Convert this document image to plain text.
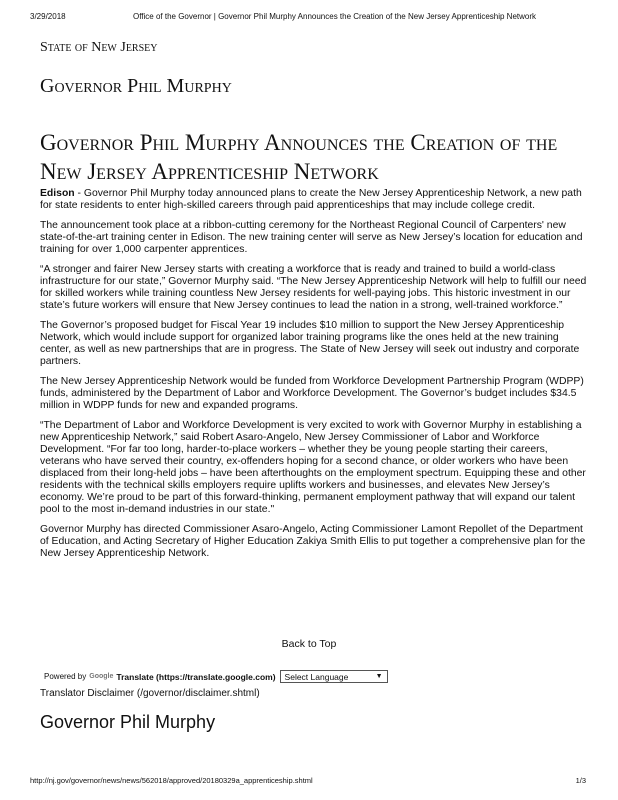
3/29/2018	Office of the Governor | Governor Phil Murphy Announces the Creation of the New Jersey Apprenticeship Network
State of New Jersey
Governor Phil Murphy
Governor Phil Murphy Announces the Creation of the New Jersey Apprenticeship Network

Edison - Governor Phil Murphy today announced plans to create the New Jersey Apprenticeship Network, a new path for state residents to enter high-skilled careers through paid apprenticeships that may include college credit.

The announcement took place at a ribbon-cutting ceremony for the Northeast Regional Council of Carpenters' new state-of-the-art training center in Edison. The new training center will serve as New Jersey’s location for education and training for over 1,000 carpenter apprentices.

“A stronger and fairer New Jersey starts with creating a workforce that is ready and trained to build a world-class infrastructure for our state,” Governor Murphy said. “The New Jersey Apprenticeship Network will help to fulfill our need for skilled workers while training countless New Jersey residents for well-paying jobs. This historic investment in our state’s future workers will ensure that New Jersey continues to lead the nation in a strong, well-trained workforce.”

The Governor’s proposed budget for Fiscal Year 19 includes $10 million to support the New Jersey Apprenticeship Network, which would include support for organized labor training programs like the ones held at the new training center, as well as new partnerships that are in progress. The State of New Jersey will seek out industry and corporate partners.

The New Jersey Apprenticeship Network would be funded from Workforce Development Partnership Program (WDPP) funds, administered by the Department of Labor and Workforce Development. The Governor’s budget includes $34.5 million in WDPP funds for new and expanded programs.

“The Department of Labor and Workforce Development is very excited to work with Governor Murphy in establishing a new Apprenticeship Network,” said Robert Asaro-Angelo, New Jersey Commissioner of Labor and Workforce Development. “For far too long, harder-to-place workers – whether they be young people starting their careers, veterans who have served their country, ex-offenders hoping for a second chance, or older workers who have been displaced from their long-held jobs – have been afterthoughts on the employment spectrum. Equipping these and other residents with the technical skills employers require uplifts workers and businesses, and elevates New Jersey’s economy. We’re proud to be part of this forward-thinking, permanent employment pathway that will expand our talent pool to the most in-demand industries in our state."

Governor Murphy has directed Commissioner Asaro-Angelo, Acting Commissioner Lamont Repollet of the Department of Education, and Acting Secretary of Higher Education Zakiya Smith Ellis to put together a comprehensive plan for the New Jersey Apprenticeship Network.

Back to Top
Powered by Google Translate (https://translate.google.com) Select Language	▼
Translator Disclaimer (/governor/disclaimer.shtml)
Governor Phil Murphy
http://nj.gov/governor/news/news/562018/approved/20180329a_apprenticeship.shtml	1/3
